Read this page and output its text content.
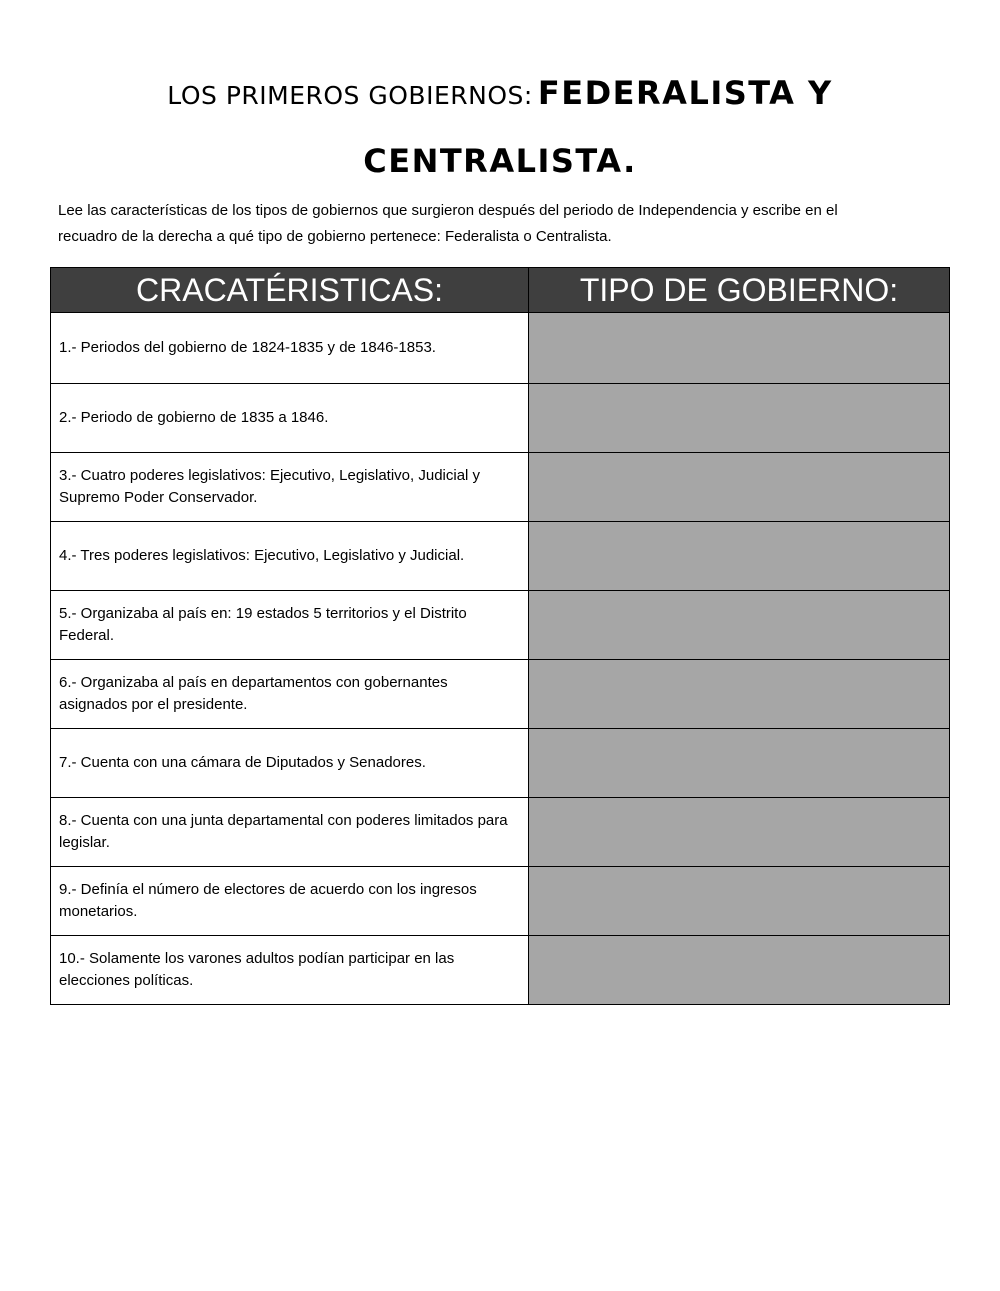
LOS PRIMEROS GOBIERNOS: FEDERALISTA Y
CENTRALISTA.
Lee las características de los tipos de gobiernos que surgieron después del periodo de Independencia y escribe en el
recuadro de la derecha a qué tipo de gobierno pertenece: Federalista o Centralista.
CRACATÉRISTICAS:	TIPO DE GOBIERNO:
1.- Periodos del gobierno de 1824-1835 y de 1846-1853.	
2.- Periodo de gobierno de 1835 a 1846.	
3.- Cuatro poderes legislativos: Ejecutivo, Legislativo, Judicial y Supremo Poder Conservador.	
4.- Tres poderes legislativos: Ejecutivo, Legislativo y Judicial.	
5.- Organizaba al país en: 19 estados 5 territorios y el Distrito Federal.	
6.- Organizaba al país en departamentos con gobernantes asignados por el presidente.	
7.- Cuenta con una cámara de Diputados y Senadores.	
8.- Cuenta con una junta departamental con poderes limitados para legislar.	
9.- Definía el número de electores de acuerdo con los ingresos monetarios.	
10.- Solamente los varones adultos podían participar en las elecciones políticas.	
